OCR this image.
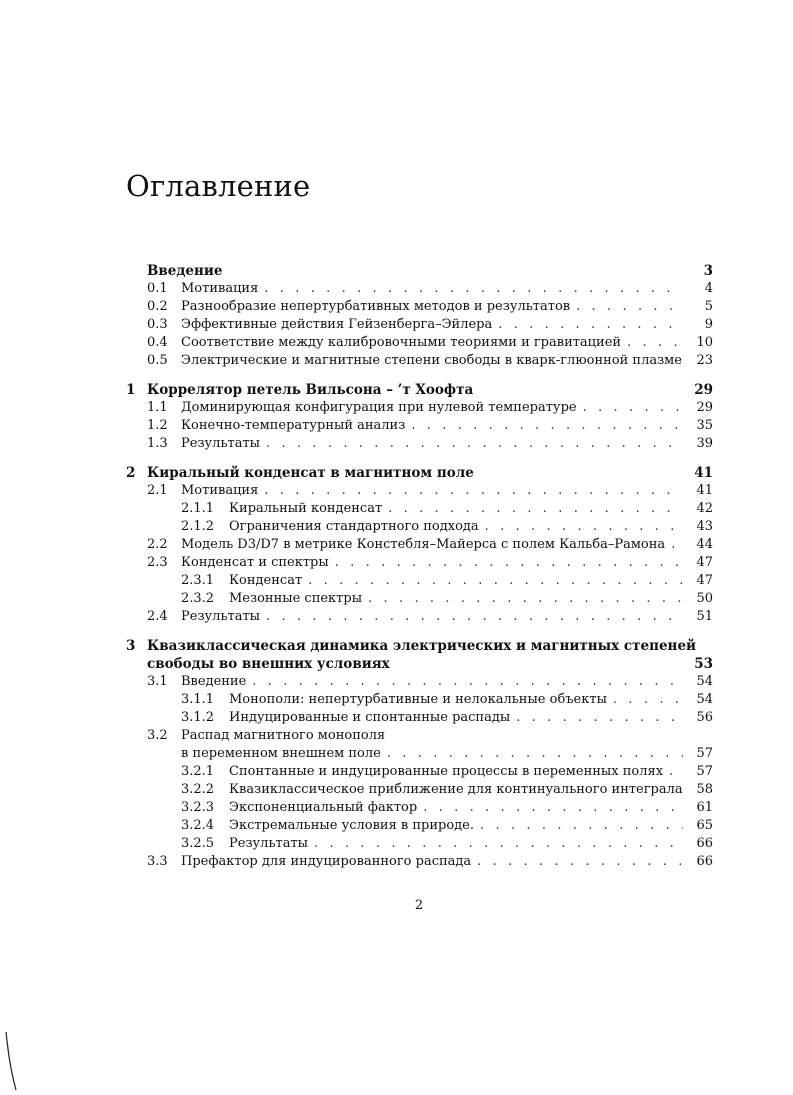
Оглавление
Введение	3
0.1 Мотивация . . .	4
0.2 Разнообразие непертурбативных методов и результатов . . .	5
0.3 Эффективные действия Гейзенберга–Эйлера . . .	9
0.4 Соответствие между калибровочными теориями и гравитацией . . .	10
0.5 Электрические и магнитные степени свободы в кварк-глюонной плазме	23
1 Коррелятор петель Вильсона – ’т Хоофта	29
1.1 Доминирующая конфигурация при нулевой температуре . . .	29
1.2 Конечно-температурный анализ . . .	35
1.3 Результаты . . .	39
2 Киральный конденсат в магнитном поле	41
2.1 Мотивация . . .	41
2.1.1 Киральный конденсат . . .	42
2.1.2 Ограничения стандартного подхода . . .	43
2.2 Модель D3/D7 в метрике Констебля–Майерса с полем Кальба–Рамона . . .	44
2.3 Конденсат и спектры . . .	47
2.3.1 Конденсат . . .	47
2.3.2 Мезонные спектры . . .	50
2.4 Результаты . . .	51
3 Квазиклассическая динамика электрических и магнитных степеней
свободы во внешних условиях	53
3.1 Введение . . .	54
3.1.1 Монополи: непертурбативные и нелокальные объекты . . .	54
3.1.2 Индуцированные и спонтанные распады . . .	56
3.2 Распад магнитного монополя
в переменном внешнем поле . . .	57
3.2.1 Спонтанные и индуцированные процессы в переменных полях . . .	57
3.2.2 Квазиклассическое приближение для континуального интеграла	58
3.2.3 Экспоненциальный фактор . . .	61
3.2.4 Экстремальные условия в природе. . . .	65
3.2.5 Результаты . . .	66
3.3 Префактор для индуцированного распада . . .	66
2
